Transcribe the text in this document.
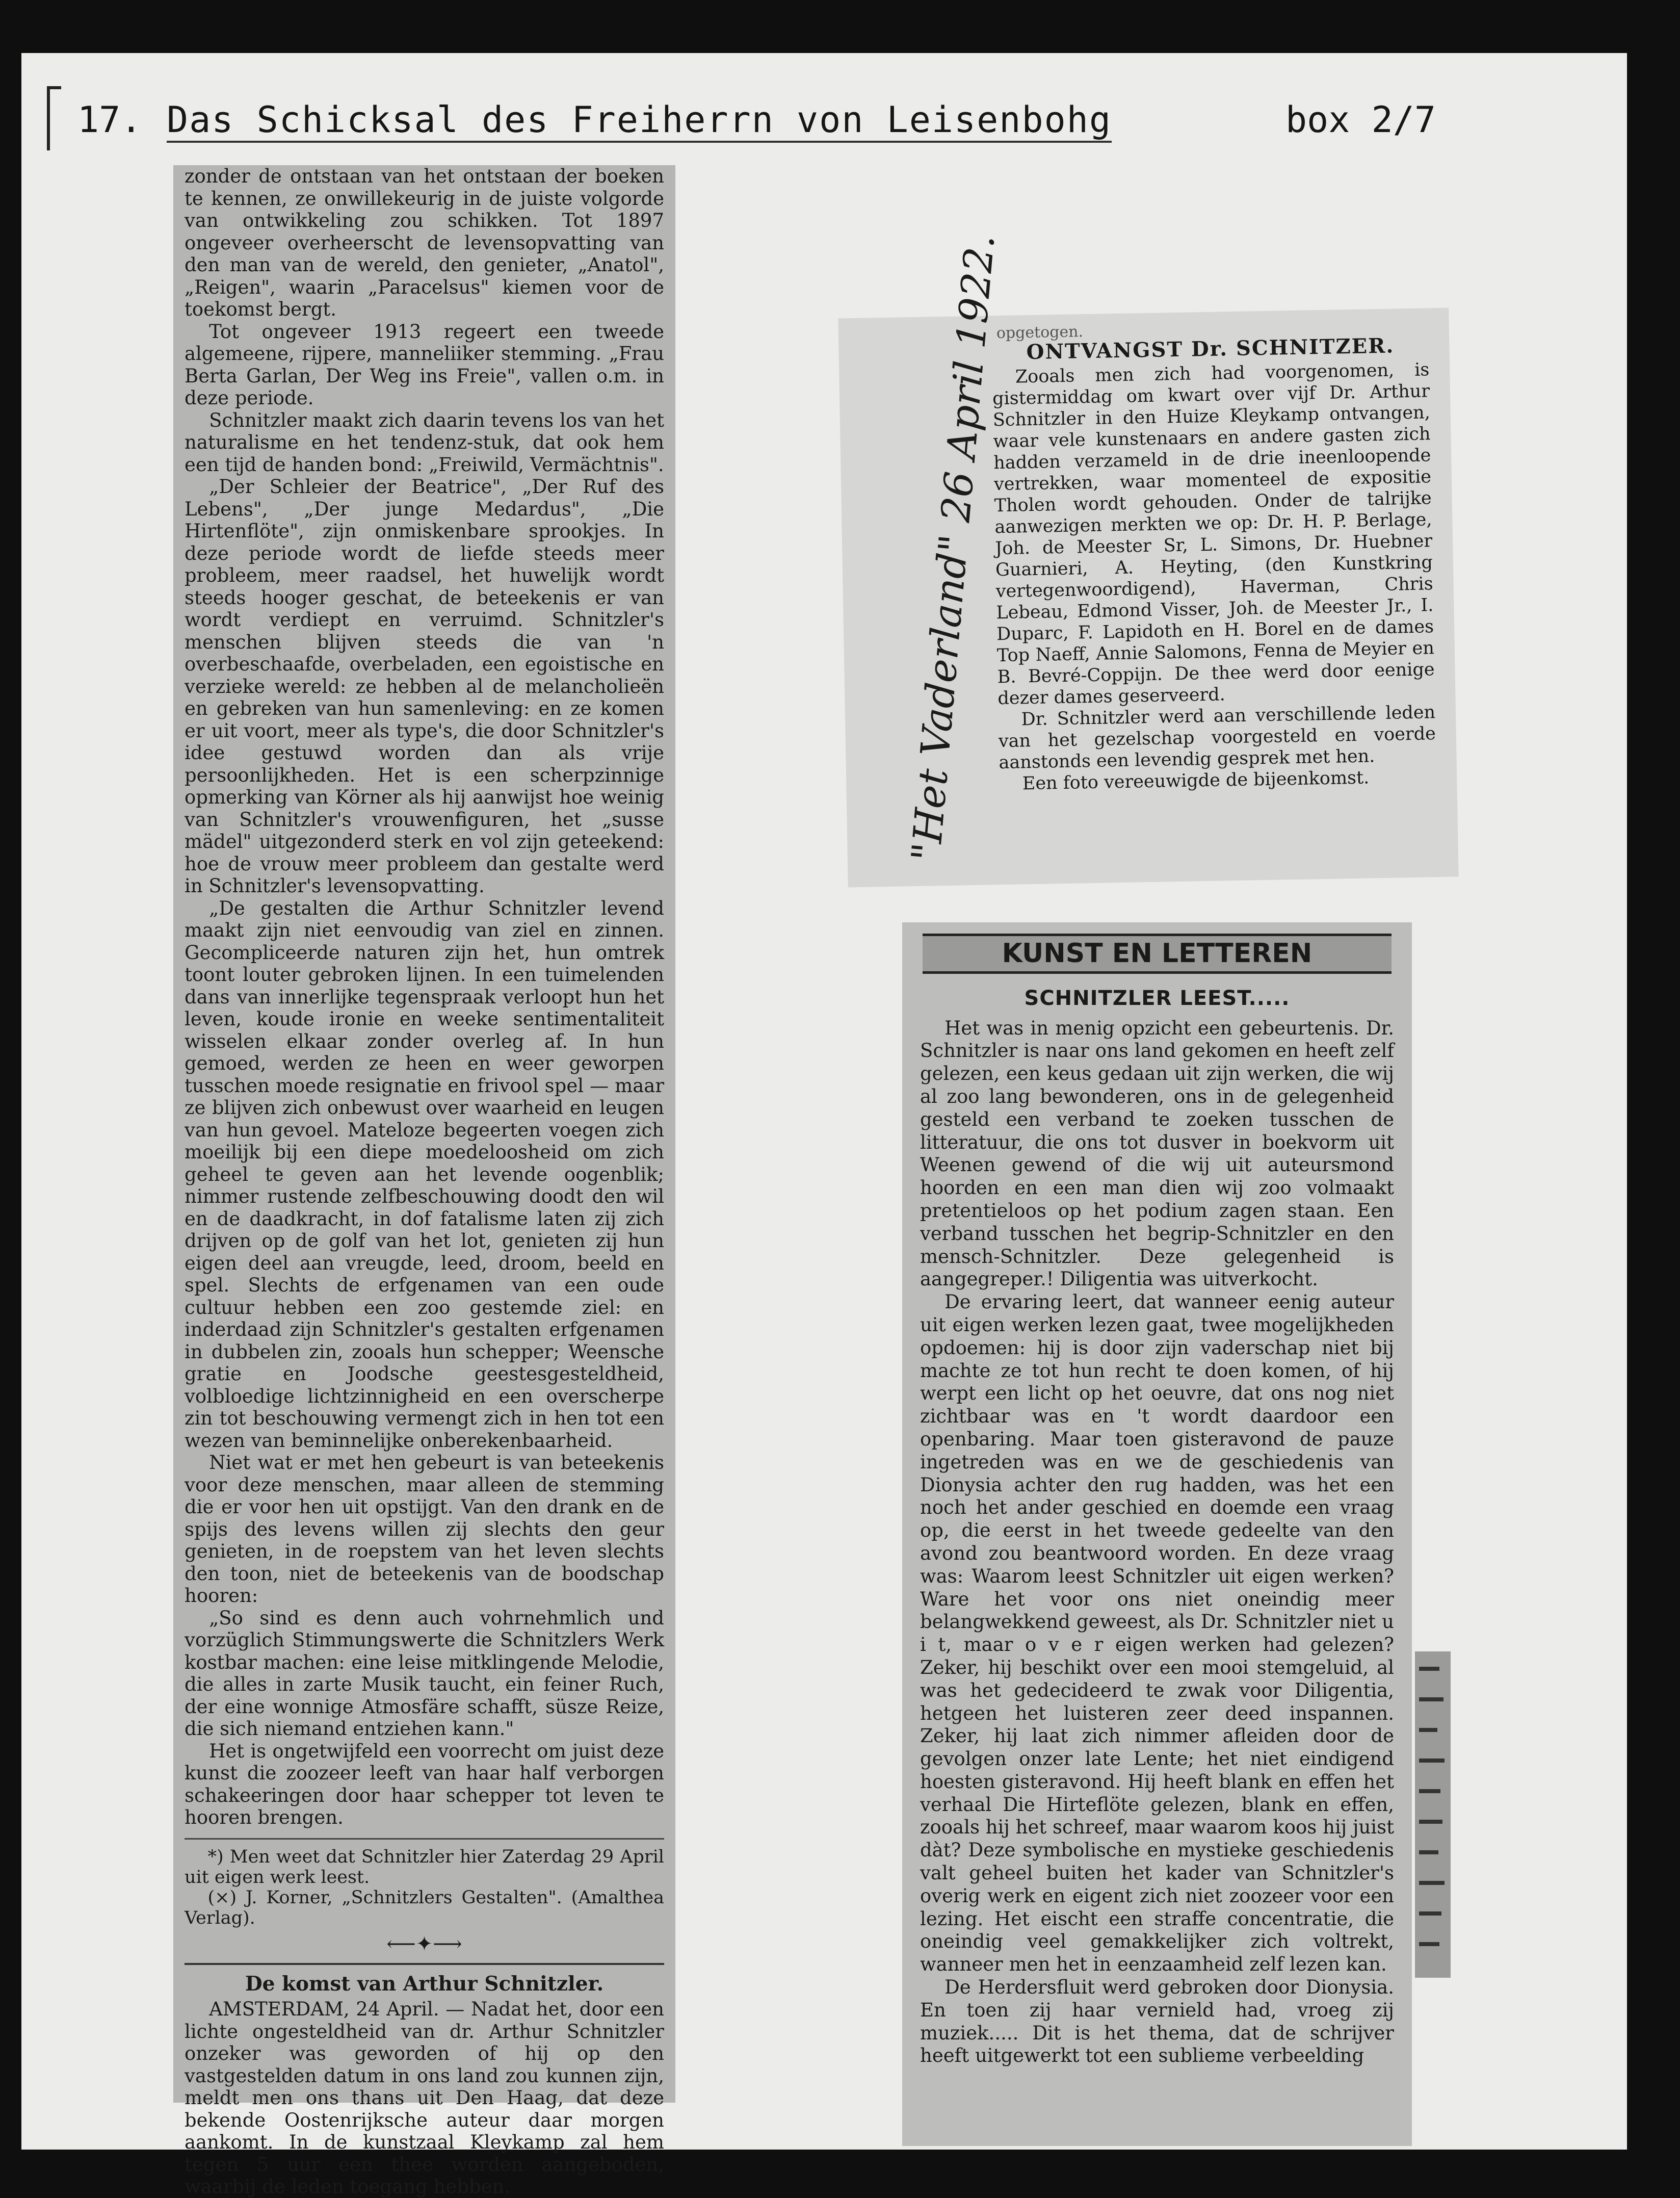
17. Das Schicksal des Freiherrn von Leisenbohg	box 2/7

zonder de ontstaan van het ontstaan der boeken te kennen, ze onwillekeurig in de juiste volgorde van ontwikkeling zou schikken. Tot 1897 ongeveer overheerscht de levensopvatting van den man van de wereld, den genieter, „Anatol", „Reigen", waarin „Paracelsus" kiemen voor de toekomst bergt.

Tot ongeveer 1913 regeert een tweede algemeene, rijpere, manneliiker stemming. „Frau Berta Garlan, Der Weg ins Freie", vallen o.m. in deze periode.

Schnitzler maakt zich daarin tevens los van het naturalisme en het tendenz-stuk, dat ook hem een tijd de handen bond: „Freiwild, Vermächtnis".

„Der Schleier der Beatrice", „Der Ruf des Lebens", „Der junge Medardus", „Die Hirtenflöte", zijn onmiskenbare sprookjes. In deze periode wordt de liefde steeds meer probleem, meer raadsel, het huwelijk wordt steeds hooger geschat, de beteekenis er van wordt verdiept en verruimd. Schnitzler's menschen blijven steeds die van 'n overbeschaafde, overbeladen, een egoistische en verzieke wereld: ze hebben al de melancholieën en gebreken van hun samenleving: en ze komen er uit voort, meer als type's, die door Schnitzler's idee gestuwd worden dan als vrije persoonlijkheden. Het is een scherpzinnige opmerking van Körner als hij aanwijst hoe weinig van Schnitzler's vrouwenfiguren, het „susse mädel" uitgezonderd sterk en vol zijn geteekend: hoe de vrouw meer probleem dan gestalte werd in Schnitzler's levensopvatting.

„De gestalten die Arthur Schnitzler levend maakt zijn niet eenvoudig van ziel en zinnen. Gecompliceerde naturen zijn het, hun omtrek toont louter gebroken lijnen. In een tuimelenden dans van innerlijke tegenspraak verloopt hun het leven, koude ironie en weeke sentimentaliteit wisselen elkaar zonder overleg af. In hun gemoed, werden ze heen en weer geworpen tusschen moede resignatie en frivool spel — maar ze blijven zich onbewust over waarheid en leugen van hun gevoel. Mateloze begeerten voegen zich moeilijk bij een diepe moedeloosheid om zich geheel te geven aan het levende oogenblik; nimmer rustende zelfbeschouwing doodt den wil en de daadkracht, in dof fatalisme laten zij zich drijven op de golf van het lot, genieten zij hun eigen deel aan vreugde, leed, droom, beeld en spel. Slechts de erfgenamen van een oude cultuur hebben een zoo gestemde ziel: en inderdaad zijn Schnitzler's gestalten erfgenamen in dubbelen zin, zooals hun schepper; Weensche gratie en Joodsche geestesgesteldheid, volbloedige lichtzinnigheid en een overscherpe zin tot beschouwing vermengt zich in hen tot een wezen van beminnelijke onberekenbaarheid.

Niet wat er met hen gebeurt is van beteekenis voor deze menschen, maar alleen de stemming die er voor hen uit opstijgt. Van den drank en de spijs des levens willen zij slechts den geur genieten, in de roepstem van het leven slechts den toon, niet de beteekenis van de boodschap hooren:

„So sind es denn auch vohrnehmlich und vorzüglich Stimmungswerte die Schnitzlers Werk kostbar machen: eine leise mitklingende Melodie, die alles in zarte Musik taucht, ein feiner Ruch, der eine wonnige Atmosfäre schafft, süsze Reize, die sich niemand entziehen kann."

Het is ongetwijfeld een voorrecht om juist deze kunst die zoozeer leeft van haar half verborgen schakeeringen door haar schepper tot leven te hooren brengen.

*) Men weet dat Schnitzler hier Zaterdag 29 April uit eigen werk leest.

(×) J. Korner, „Schnitzlers Gestalten". (Amalthea Verlag).

⟵✦⟶

De komst van Arthur Schnitzler.

AMSTERDAM, 24 April. — Nadat het, door een lichte ongesteldheid van dr. Arthur Schnitzler onzeker was geworden of hij op den vastgestelden datum in ons land zou kunnen zijn, meldt men ons thans uit Den Haag, dat deze bekende Oostenrijksche auteur daar morgen aankomt. In de kunstzaal Kleykamp zal hem tegen 5 uur een thee worden aangeboden, waarbij de leden toegang hebben.

"Het Vaderland" 26 April 1922.
opgetogen.

ONTVANGST Dr. SCHNITZER.

Zooals men zich had voorgenomen, is gistermiddag om kwart over vijf Dr. Arthur Schnitzler in den Huize Kleykamp ontvangen, waar vele kunstenaars en andere gasten zich hadden verzameld in de drie ineenloopende vertrekken, waar momenteel de expositie Tholen wordt gehouden. Onder de talrijke aanwezigen merkten we op: Dr. H. P. Berlage, Joh. de Meester Sr, L. Simons, Dr. Huebner Guarnieri, A. Heyting, (den Kunstkring vertegenwoordigend), Haverman, Chris Lebeau, Edmond Visser, Joh. de Meester Jr., I. Duparc, F. Lapidoth en H. Borel en de dames Top Naeff, Annie Salomons, Fenna de Meyier en B. Bevré-Coppijn. De thee werd door eenige dezer dames geserveerd.

Dr. Schnitzler werd aan verschillende leden van het gezelschap voorgesteld en voerde aanstonds een levendig gesprek met hen.

Een foto vereeuwigde de bijeenkomst.

KUNST EN LETTEREN
SCHNITZLER LEEST.....

Het was in menig opzicht een gebeurtenis. Dr. Schnitzler is naar ons land gekomen en heeft zelf gelezen, een keus gedaan uit zijn werken, die wij al zoo lang bewonderen, ons in de gelegenheid gesteld een verband te zoeken tusschen de litteratuur, die ons tot dusver in boekvorm uit Weenen gewend of die wij uit auteursmond hoorden en een man dien wij zoo volmaakt pretentieloos op het podium zagen staan. Een verband tusschen het begrip-Schnitzler en den mensch-Schnitzler. Deze gelegenheid is aangegreper.! Diligentia was uitverkocht.

De ervaring leert, dat wanneer eenig auteur uit eigen werken lezen gaat, twee mogelijkheden opdoemen: hij is door zijn vaderschap niet bij machte ze tot hun recht te doen komen, of hij werpt een licht op het oeuvre, dat ons nog niet zichtbaar was en 't wordt daardoor een openbaring. Maar toen gisteravond de pauze ingetreden was en we de geschiedenis van Dionysia achter den rug hadden, was het een noch het ander geschied en doemde een vraag op, die eerst in het tweede gedeelte van den avond zou beantwoord worden. En deze vraag was: Waarom leest Schnitzler uit eigen werken? Ware het voor ons niet oneindig meer belangwekkend geweest, als Dr. Schnitzler niet u i t, maar o v e r eigen werken had gelezen? Zeker, hij beschikt over een mooi stemgeluid, al was het gedecideerd te zwak voor Diligentia, hetgeen het luisteren zeer deed inspannen. Zeker, hij laat zich nimmer afleiden door de gevolgen onzer late Lente; het niet eindigend hoesten gisteravond. Hij heeft blank en effen het verhaal Die Hirteflöte gelezen, blank en effen, zooals hij het schreef, maar waarom koos hij juist dàt? Deze symbolische en mystieke geschiedenis valt geheel buiten het kader van Schnitzler's overig werk en eigent zich niet zoozeer voor een lezing. Het eischt een straffe concentratie, die oneindig veel gemakkelijker zich voltrekt, wanneer men het in eenzaamheid zelf lezen kan.

De Herdersfluit werd gebroken door Dionysia. En toen zij haar vernield had, vroeg zij muziek..... Dit is het thema, dat de schrijver heeft uitgewerkt tot een sublieme verbeelding
